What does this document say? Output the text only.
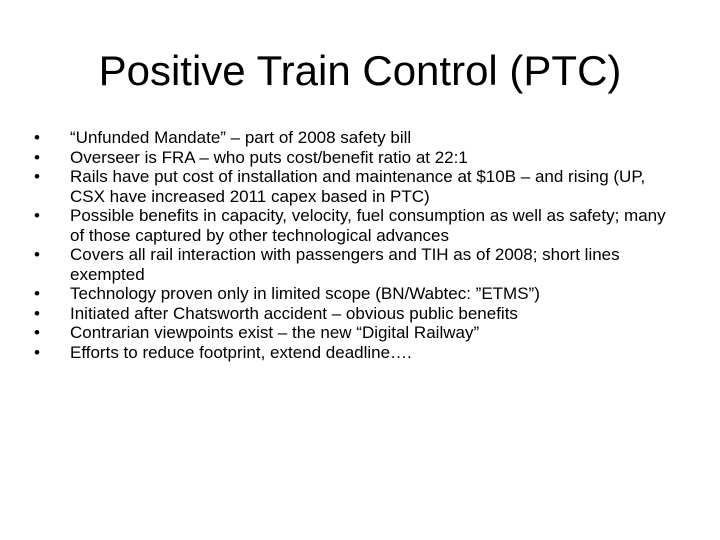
Positive Train Control (PTC)
•	“Unfunded Mandate” – part of 2008 safety bill
•	Overseer is FRA – who puts cost/benefit ratio at 22:1
•	Rails have put cost of installation and maintenance at $10B – and rising (UP, CSX have increased 2011 capex based in PTC)
•	Possible benefits in capacity, velocity, fuel consumption as well as safety; many of those captured by other technological advances
•	Covers all rail interaction with passengers and TIH as of 2008; short lines exempted
•	Technology proven only in limited scope (BN/Wabtec: ”ETMS”)
•	Initiated after Chatsworth accident – obvious public benefits
•	Contrarian viewpoints exist – the new “Digital Railway”
•	Efforts to reduce footprint, extend deadline….
